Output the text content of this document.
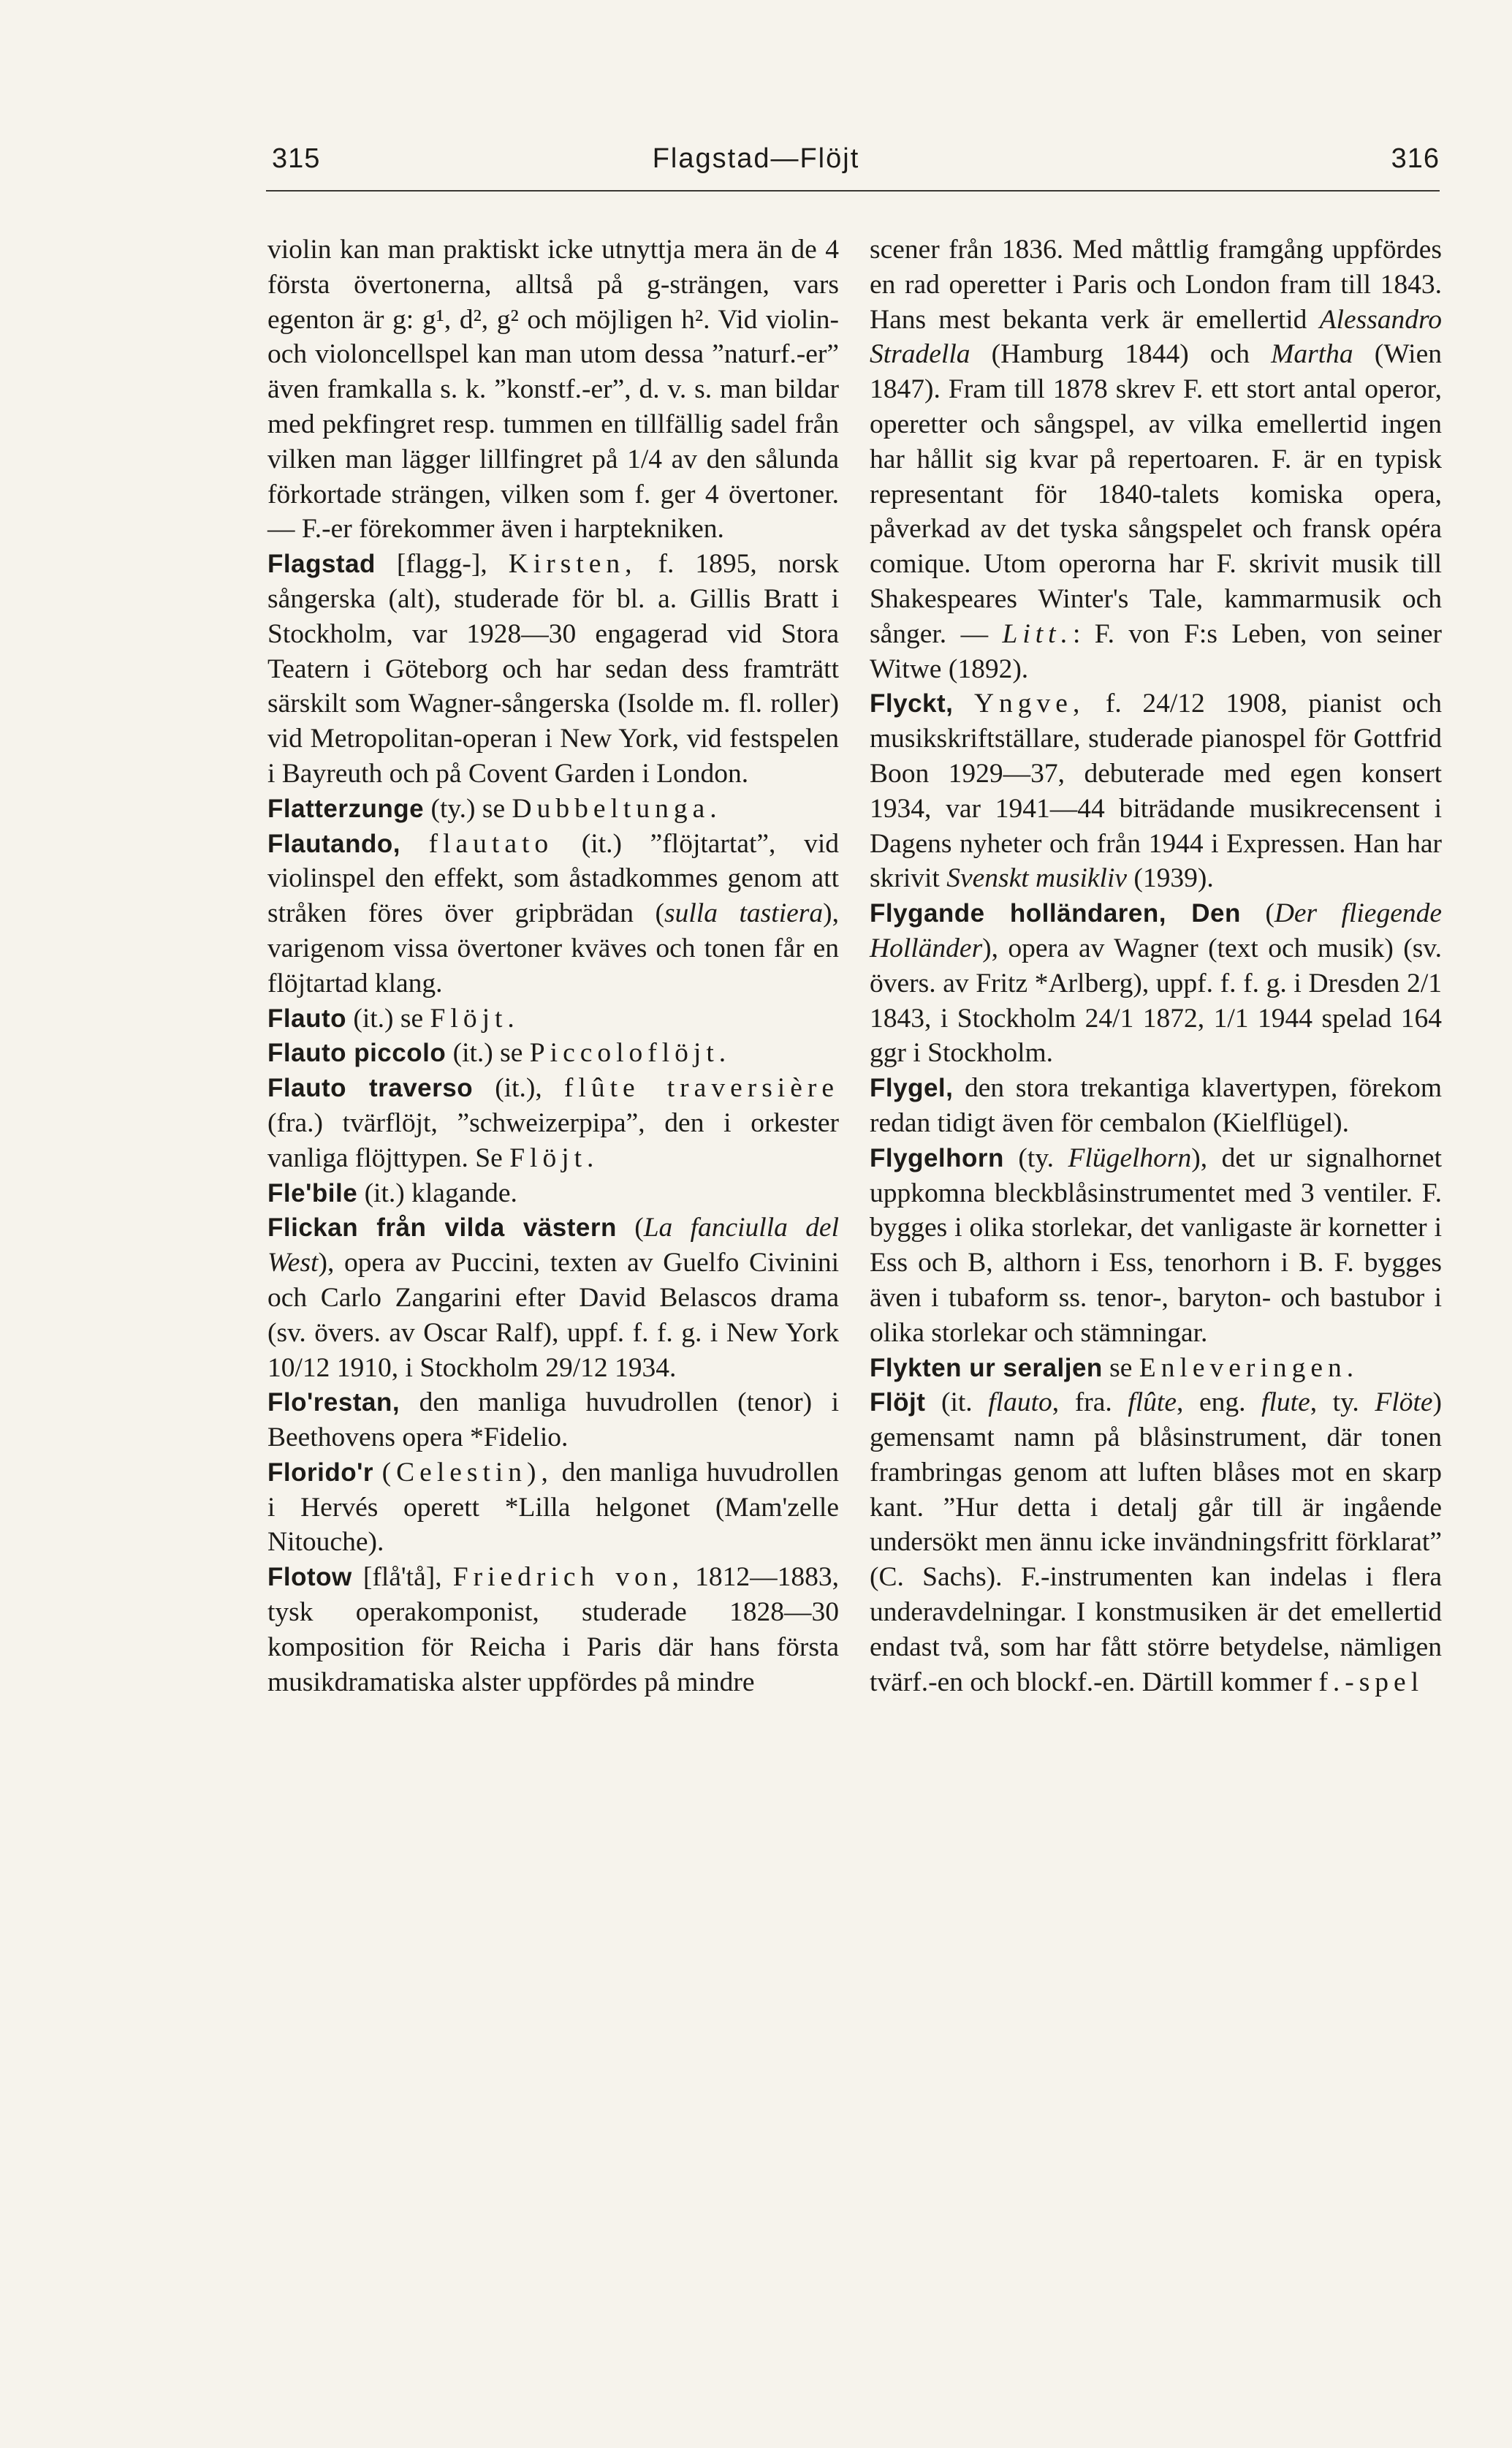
315	Flagstad—Flöjt	316

violin kan man praktiskt icke utnyttja mera än de 4 första övertonerna, alltså på g-strängen, vars egenton är g: g¹, d², g² och möjligen h². Vid violin- och violoncellspel kan man utom dessa ”naturf.-er” även framkalla s. k. ”konstf.-er”, d. v. s. man bildar med pekfingret resp. tummen en tillfällig sadel från vilken man lägger lillfingret på 1/4 av den sålunda förkortade strängen, vilken som f. ger 4 övertoner. — F.-er förekommer även i harptekniken.

Flagstad [flagg-], Kirsten, f. 1895, norsk sångerska (alt), studerade för bl. a. Gillis Bratt i Stockholm, var 1928—30 engagerad vid Stora Teatern i Göteborg och har sedan dess framträtt särskilt som Wagner-sångerska (Isolde m. fl. roller) vid Metropolitan-operan i New York, vid festspelen i Bayreuth och på Covent Garden i London.

Flatterzunge (ty.) se Dubbeltunga.

Flautando, flautato (it.) ”flöjtartat”, vid violinspel den effekt, som åstadkommes genom att stråken föres över gripbrädan (sulla tastiera), varigenom vissa övertoner kväves och tonen får en flöjtartad klang.

Flauto (it.) se Flöjt.

Flauto piccolo (it.) se Piccoloflöjt.

Flauto traverso (it.), flûte traversière (fra.) tvärflöjt, ”schweizerpipa”, den i orkester vanliga flöjttypen. Se Flöjt.

Fle'bile (it.) klagande.

Flickan från vilda västern (La fanciulla del West), opera av Puccini, texten av Guelfo Civinini och Carlo Zangarini efter David Belascos drama (sv. övers. av Oscar Ralf), uppf. f. f. g. i New York 10/12 1910, i Stockholm 29/12 1934.

Flo'restan, den manliga huvudrollen (tenor) i Beethovens opera *Fidelio.

Florido'r (Celestin), den manliga huvudrollen i Hervés operett *Lilla helgonet (Mam'zelle Nitouche).

Flotow [flå'tå], Friedrich von, 1812—1883, tysk operakomponist, studerade 1828—30 komposition för Reicha i Paris där hans första musikdramatiska alster uppfördes på mindre

scener från 1836. Med måttlig framgång uppfördes en rad operetter i Paris och London fram till 1843. Hans mest bekanta verk är emellertid Alessandro Stradella (Hamburg 1844) och Martha (Wien 1847). Fram till 1878 skrev F. ett stort antal operor, operetter och sångspel, av vilka emellertid ingen har hållit sig kvar på repertoaren. F. är en typisk representant för 1840-talets komiska opera, påverkad av det tyska sångspelet och fransk opéra comique. Utom operorna har F. skrivit musik till Shakespeares Winter's Tale, kammarmusik och sånger. — Litt.: F. von F:s Leben, von seiner Witwe (1892).

Flyckt, Yngve, f. 24/12 1908, pianist och musikskriftställare, studerade pianospel för Gottfrid Boon 1929—37, debuterade med egen konsert 1934, var 1941—44 biträdande musikrecensent i Dagens nyheter och från 1944 i Expressen. Han har skrivit Svenskt musikliv (1939).

Flygande holländaren, Den (Der fliegende Holländer), opera av Wagner (text och musik) (sv. övers. av Fritz *Arlberg), uppf. f. f. g. i Dresden 2/1 1843, i Stockholm 24/1 1872, 1/1 1944 spelad 164 ggr i Stockholm.

Flygel, den stora trekantiga klavertypen, förekom redan tidigt även för cembalon (Kielflügel).

Flygelhorn (ty. Flügelhorn), det ur signalhornet uppkomna bleckblåsinstrumentet med 3 ventiler. F. bygges i olika storlekar, det vanligaste är kornetter i Ess och B, althorn i Ess, tenorhorn i B. F. bygges även i tubaform ss. tenor-, baryton- och bastubor i olika storlekar och stämningar.

Flykten ur seraljen se Enleveringen.

Flöjt (it. flauto, fra. flûte, eng. flute, ty. Flöte) gemensamt namn på blåsinstrument, där tonen frambringas genom att luften blåses mot en skarp kant. ”Hur detta i detalj går till är ingående undersökt men ännu icke invändningsfritt förklarat” (C. Sachs). F.-instrumenten kan indelas i flera underavdelningar. I konstmusiken är det emellertid endast två, som har fått större betydelse, nämligen tvärf.-en och blockf.-en. Därtill kommer f.-spel
